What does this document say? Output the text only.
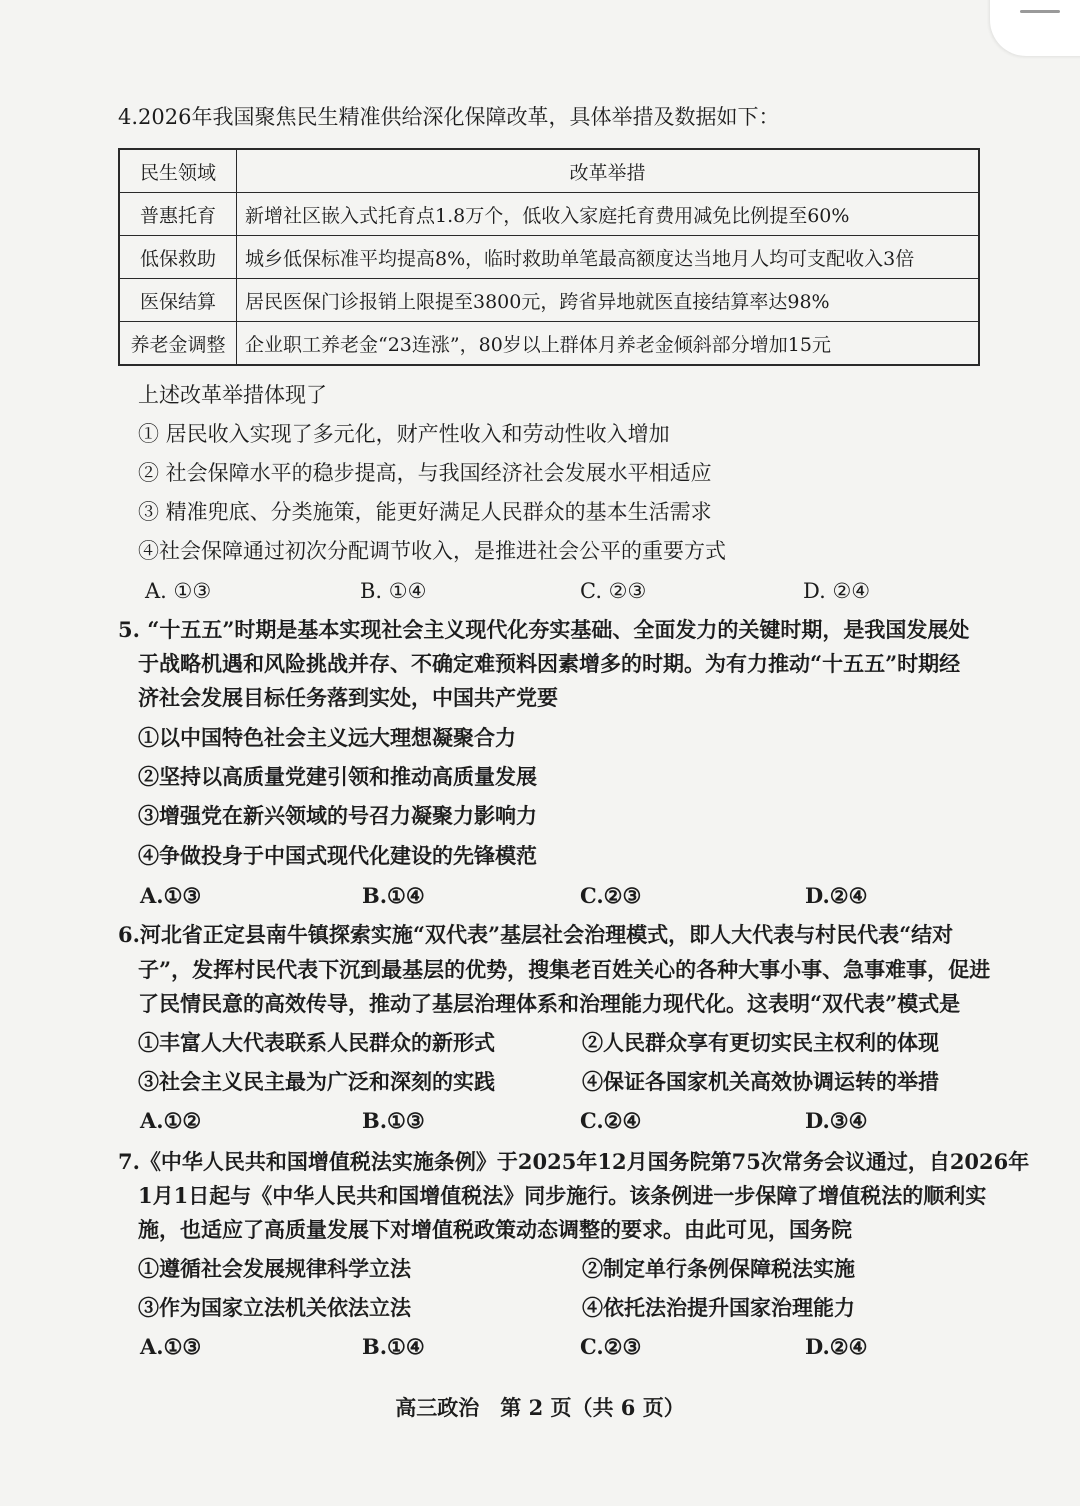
4.2026年我国聚焦民生精准供给深化保障改革，具体举措及数据如下：
民生领域	改革举措
普惠托育	新增社区嵌入式托育点1.8万个，低收入家庭托育费用减免比例提至60%
低保救助	城乡低保标准平均提高8%，临时救助单笔最高额度达当地月人均可支配收入3倍
医保结算	居民医保门诊报销上限提至3800元，跨省异地就医直接结算率达98%
养老金调整	企业职工养老金“23连涨”，80岁以上群体月养老金倾斜部分增加15元
上述改革举措体现了
① 居民收入实现了多元化，财产性收入和劳动性收入增加
② 社会保障水平的稳步提高，与我国经济社会发展水平相适应
③ 精准兜底、分类施策，能更好满足人民群众的基本生活需求
④社会保障通过初次分配调节收入，是推进社会公平的重要方式
A. ①③	B. ①④	C. ②③	D. ②④
5. “十五五”时期是基本实现社会主义现代化夯实基础、全面发力的关键时期，是我国发展处
于战略机遇和风险挑战并存、不确定难预料因素增多的时期。为有力推动“十五五”时期经
济社会发展目标任务落到实处，中国共产党要
①以中国特色社会主义远大理想凝聚合力
②坚持以高质量党建引领和推动高质量发展
③增强党在新兴领域的号召力凝聚力影响力
④争做投身于中国式现代化建设的先锋模范
A.①③	B.①④	C.②③	D.②④
6.河北省正定县南牛镇探索实施“双代表”基层社会治理模式，即人大代表与村民代表“结对
子”，发挥村民代表下沉到最基层的优势，搜集老百姓关心的各种大事小事、急事难事，促进
了民情民意的高效传导，推动了基层治理体系和治理能力现代化。这表明“双代表”模式是
①丰富人大代表联系人民群众的新形式	②人民群众享有更切实民主权利的体现
③社会主义民主最为广泛和深刻的实践	④保证各国家机关高效协调运转的举措
A.①②	B.①③	C.②④	D.③④
7.《中华人民共和国增值税法实施条例》于2025年12月国务院第75次常务会议通过，自2026年
1月1日起与《中华人民共和国增值税法》同步施行。该条例进一步保障了增值税法的顺利实
施，也适应了高质量发展下对增值税政策动态调整的要求。由此可见，国务院
①遵循社会发展规律科学立法	②制定单行条例保障税法实施
③作为国家立法机关依法立法	④依托法治提升国家治理能力
A.①③	B.①④	C.②③	D.②④
高三政治　第 2 页（共 6 页）
